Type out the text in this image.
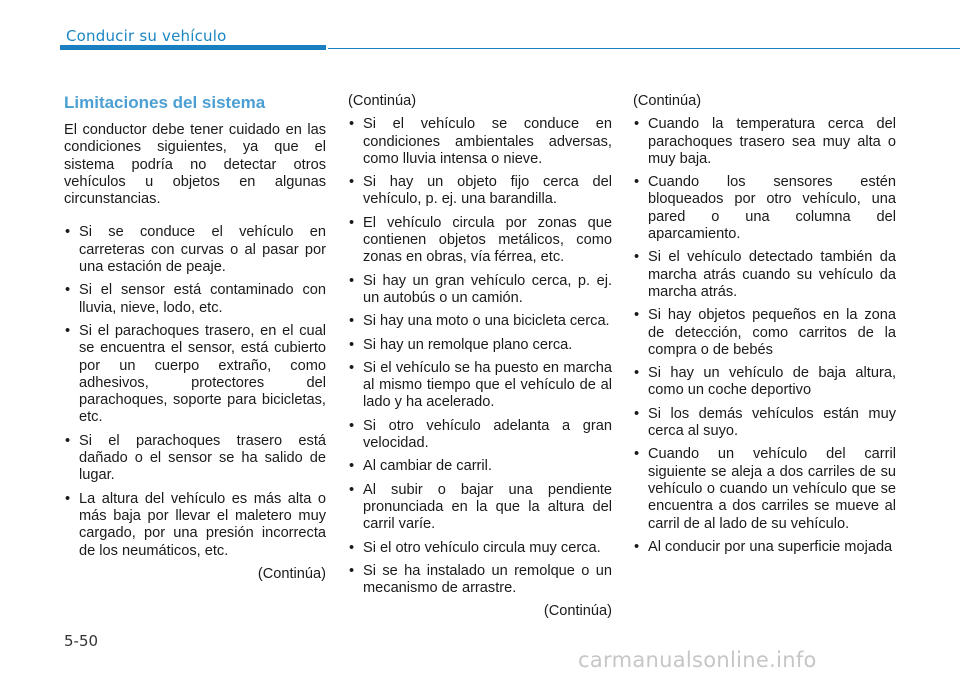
Conducir su vehículo
Limitaciones del sistema

El conductor debe tener cuidado en las condiciones siguientes, ya que el sistema podría no detectar otros vehículos u objetos en algunas circunstancias.

• Si se conduce el vehículo en carreteras con curvas o al pasar por una estación de peaje.
• Si el sensor está contaminado con lluvia, nieve, lodo, etc.
• Si el parachoques trasero, en el cual se encuentra el sensor, está cubierto por un cuerpo extraño, como adhesivos, protectores del parachoques, soporte para bicicletas, etc.
• Si el parachoques trasero está dañado o el sensor se ha salido de lugar.
• La altura del vehículo es más alta o más baja por llevar el maletero muy cargado, por una presión incorrecta de los neumáticos, etc.
(Continúa)
(Continúa)
• Si el vehículo se conduce en condiciones ambientales adversas, como lluvia intensa o nieve.
• Si hay un objeto fijo cerca del vehículo, p. ej. una barandilla.
• El vehículo circula por zonas que contienen objetos metálicos, como zonas en obras, vía férrea, etc.
• Si hay un gran vehículo cerca, p. ej. un autobús o un camión.
• Si hay una moto o una bicicleta cerca.
• Si hay un remolque plano cerca.
• Si el vehículo se ha puesto en marcha al mismo tiempo que el vehículo de al lado y ha acelerado.
• Si otro vehículo adelanta a gran velocidad.
• Al cambiar de carril.
• Al subir o bajar una pendiente pronunciada en la que la altura del carril varíe.
• Si el otro vehículo circula muy cerca.
• Si se ha instalado un remolque o un mecanismo de arrastre.
(Continúa)
(Continúa)
• Cuando la temperatura cerca del parachoques trasero sea muy alta o muy baja.
• Cuando los sensores estén bloqueados por otro vehículo, una pared o una columna del aparcamiento.
• Si el vehículo detectado también da marcha atrás cuando su vehículo da marcha atrás.
• Si hay objetos pequeños en la zona de detección, como carritos de la compra o de bebés
• Si hay un vehículo de baja altura, como un coche deportivo
• Si los demás vehículos están muy cerca al suyo.
• Cuando un vehículo del carril siguiente se aleja a dos carriles de su vehículo o cuando un vehículo que se encuentra a dos carriles se mueve al carril de al lado de su vehículo.
• Al conducir por una superficie mojada
5-50
carmanualsonline.info
